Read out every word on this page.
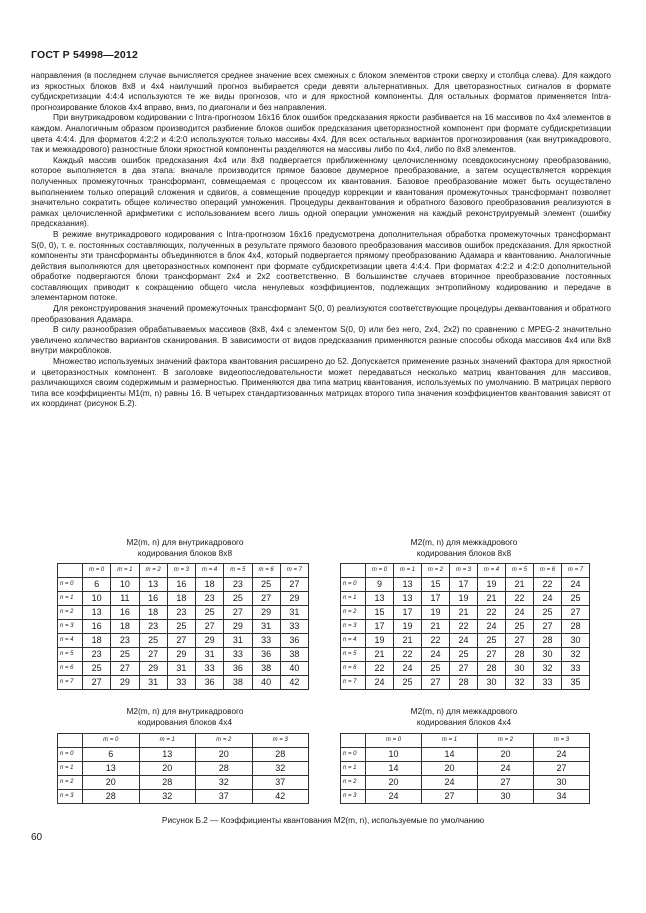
ГОСТ Р 54998—2012

направления (в последнем случае вычисляется среднее значение всех смежных с блоком элементов строки сверху и столбца слева). Для каждого из яркостных блоков 8х8 и 4х4 наилучший прогноз выбирается среди девяти альтернативных. Для цветоразностных сигналов в формате субдискретизации 4:4:4 используются те же виды прогнозов, что и для яркостной компоненты. Для остальных форматов применяется Intra-прогнозирование блоков 4х4 вправо, вниз, по диагонали и без направления.

При внутрикадровом кодировании с Intra-прогнозом 16х16 блок ошибок предсказания яркости разбивается на 16 массивов по 4х4 элементов в каждом. Аналогичным образом производится разбиение блоков ошибок предсказания цветоразностной компонент при формате субдискретизации цвета 4:4:4. Для форматов 4:2:2 и 4:2:0 используются только массивы 4х4. Для всех остальных вариантов прогнозирования (как внутрикадрового, так и межкадрового) разностные блоки яркостной компоненты разделяются на массивы либо по 4х4, либо по 8х8 элементов.

Каждый массив ошибок предсказания 4х4 или 8х8 подвергается приближенному целочисленному псевдокосинусному преобразованию, которое выполняется в два этапа: вначале производится прямое базовое двумерное преобразование, а затем осуществляется коррекция полученных промежуточных трансформант, совмещаемая с процессом их квантования. Базовое преобразование может быть осуществлено выполнением только операций сложения и сдвигов, а совмещение процедур коррекции и квантования промежуточных трансформант позволяет значительно сократить общее количество операций умножения. Процедуры деквантования и обратного базового преобразования реализуются в рамках целочисленной арифметики с использованием всего лишь одной операции умножения на каждый реконструируемый элемент (ошибку предсказания).

В режиме внутрикадрового кодирования с Intra-прогнозом 16х16 предусмотрена дополнительная обработка промежуточных трансформант S(0, 0), т. е. постоянных составляющих, полученных в результате прямого базового преобразования массивов ошибок предсказания. Для яркостной компоненты эти трансформанты объединяются в блок 4х4, который подвергается прямому преобразованию Адамара и квантованию. Аналогичные действия выполняются для цветоразностных компонент при формате субдискретизации цвета 4:4:4. При форматах 4:2:2 и 4:2:0 дополнительной обработке подвергаются блоки трансформант 2х4 и 2х2 соответственно. В большинстве случаев вторичное преобразование постоянных составляющих приводит к сокращению общего числа ненулевых коэффициентов, подлежащих энтропийному кодированию и передаче в элементарном потоке.

Для реконструирования значений промежуточных трансформант S(0, 0) реализуются соответствующие процедуры деквантования и обратного преобразования Адамара.

В силу разнообразия обрабатываемых массивов (8х8, 4х4 с элементом S(0, 0) или без него, 2х4, 2х2) по сравнению с MPEG-2 значительно увеличено количество вариантов сканирования. В зависимости от видов предсказания применяются разные способы обхода массивов 4х4 или 8х8 внутри макроблоков.

Множество используемых значений фактора квантования расширено до 52. Допускается применение разных значений фактора для яркостной и цветоразностных компонент. В заголовке видеопоследовательности может передаваться несколько матриц квантования для массивов, различающихся своим содержимым и размерностью. Применяются два типа матриц квантования, используемых по умолчанию. В матрицах первого типа все коэффициенты M1(m, n) равны 16. В четырех стандартизованных матрицах второго типа значения коэффициентов квантования зависят от их координат (рисунок Б.2).

M2(m, n) для внутрикадрового
кодирования блоков 8х8
M2(m, n) для межкадрового
кодирования блоков 8х8
M2(m, n) для внутрикадрового
кодирования блоков 4х4
M2(m, n) для межкадрового
кодирования блоков 4х4
	m = 0	m = 1	m = 2	m = 3	m = 4	m = 5	m = 6	m = 7
n = 0	6	10	13	16	18	23	25	27
n = 1	10	11	16	18	23	25	27	29
n = 2	13	16	18	23	25	27	29	31
n = 3	16	18	23	25	27	29	31	33
n = 4	18	23	25	27	29	31	33	36
n = 5	23	25	27	29	31	33	36	38
n = 6	25	27	29	31	33	36	38	40
n = 7	27	29	31	33	36	38	40	42
	m = 0	m = 1	m = 2	m = 3	m = 4	m = 5	m = 6	m = 7
n = 0	9	13	15	17	19	21	22	24
n = 1	13	13	17	19	21	22	24	25
n = 2	15	17	19	21	22	24	25	27
n = 3	17	19	21	22	24	25	27	28
n = 4	19	21	22	24	25	27	28	30
n = 5	21	22	24	25	27	28	30	32
n = 6	22	24	25	27	28	30	32	33
n = 7	24	25	27	28	30	32	33	35
	m = 0	m = 1	m = 2	m = 3
n = 0	6	13	20	28
n = 1	13	20	28	32
n = 2	20	28	32	37
n = 3	28	32	37	42
	m = 0	m = 1	m = 2	m = 3
n = 0	10	14	20	24
n = 1	14	20	24	27
n = 2	20	24	27	30
n = 3	24	27	30	34
Рисунок Б.2 — Коэффициенты квантования M2(m, n), используемые по умолчанию
60
